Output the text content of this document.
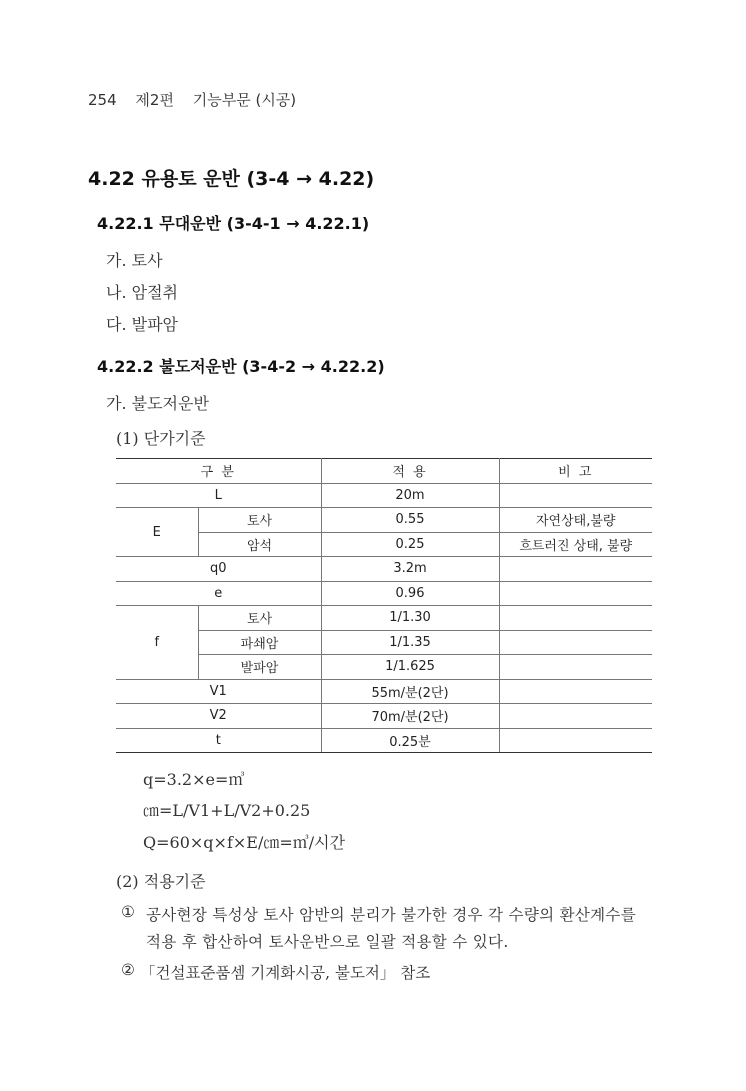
254 제2편 기능부문 (시공)
4.22 유용토 운반 (3-4 → 4.22)
4.22.1 무대운반 (3-4-1 → 4.22.1)
가. 토사
나. 암절취
다. 발파암
4.22.2 불도저운반 (3-4-2 → 4.22.2)
가. 불도저운반
(1) 단가기준
구 분		적 용	비 고
L		20m	
E	토사	0.55	자연상태,불량
	암석	0.25	흐트러진 상태, 불량
q0		3.2m	
e		0.96	
f	토사	1/1.30	
	파쇄암	1/1.35	
	발파암	1/1.625	
V1		55m/분(2단)	
V2		70m/분(2단)	
t		0.25분	
q=3.2×e=㎥
㎝=L/V1+L/V2+0.25
Q=60×q×f×E/㎝=㎥/시간
(2) 적용기준
① 공사현장 특성상 토사 암반의 분리가 불가한 경우 각 수량의 환산계수를
적용 후 합산하여 토사운반으로 일괄 적용할 수 있다.
② 「건설표준품셈 기계화시공, 불도저」 참조
